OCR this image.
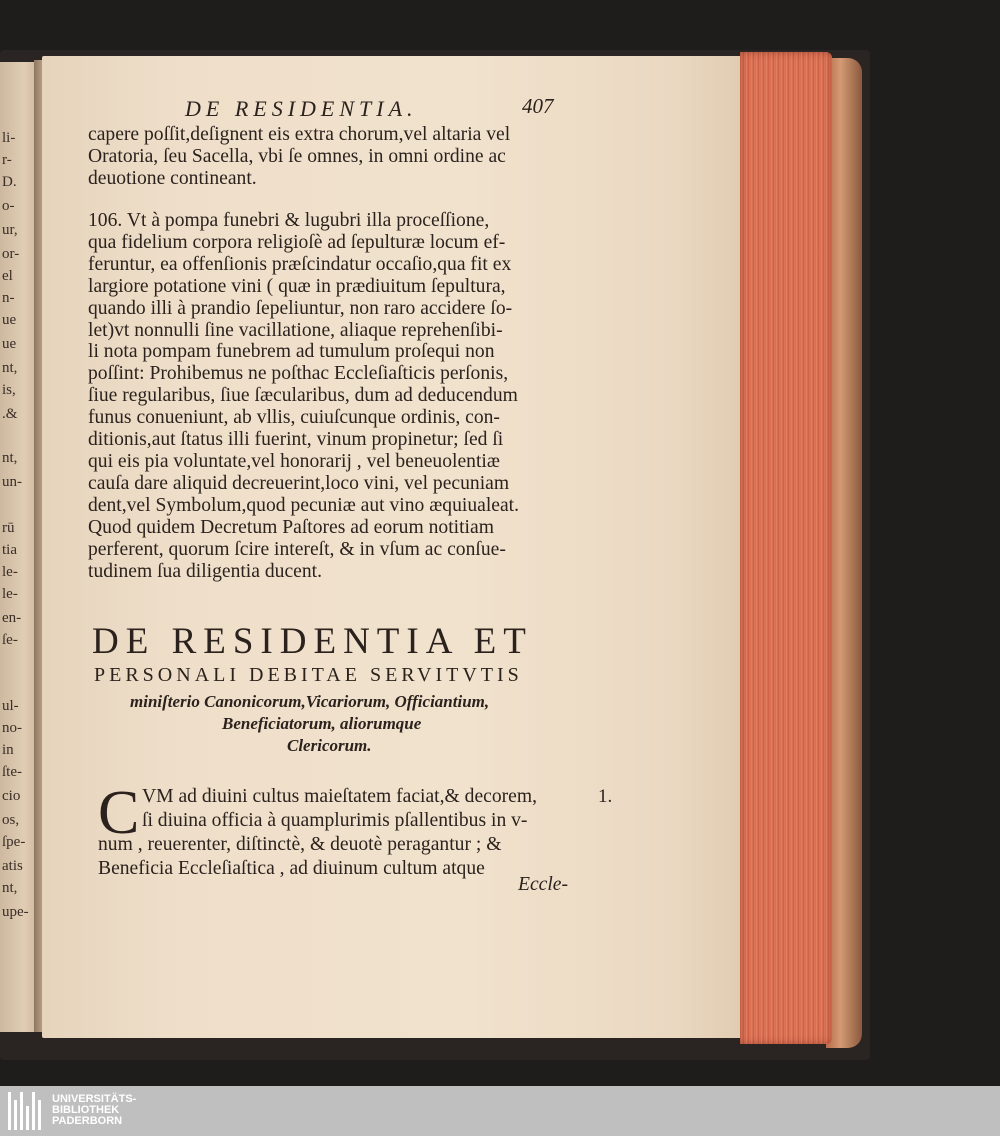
li-
r-
D.
o-
ur,
or-
el
n-
ue
ue
nt,
is,
.&
nt,
un-
rū
tia
le-
le-
en-
ſe-
ul-
no-
in
ſte-
cio
os,
ſpe-
atis
nt,
upe-
DE RESIDENTIA.	407
capere poſſit,deſignent eis extra chorum,vel altaria vel
Oratoria, ſeu Sacella, vbi ſe omnes, in omni ordine ac
deuotione contineant.
106. Vt à pompa funebri & lugubri illa proceſſione,
qua fidelium corpora religioſè ad ſepulturæ locum ef-
feruntur, ea offenſionis præſcindatur occaſio,qua fit ex
largiore potatione vini ( quæ in prædiuitum ſepultura,
quando illi à prandio ſepeliuntur, non raro accidere ſo-
let)vt nonnulli ſine vacillatione, aliaque reprehenſibi-
li nota pompam funebrem ad tumulum proſequi non
poſſint: Prohibemus ne poſthac Eccleſiaſticis perſonis,
ſiue regularibus, ſiue ſæcularibus, dum ad deducendum
funus conueniunt, ab vllis, cuiuſcunque ordinis, con-
ditionis,aut ſtatus illi fuerint, vinum propinetur; ſed ſi
qui eis pia voluntate,vel honorarij , vel beneuolentiæ
cauſa dare aliquid decreuerint,loco vini, vel pecuniam
dent,vel Symbolum,quod pecuniæ aut vino æquiualeat.
Quod quidem Decretum Paſtores ad eorum notitiam
perferent, quorum ſcire intereſt, & in vſum ac conſue-
tudinem ſua diligentia ducent.
DE RESIDENTIA ET
PERSONALI DEBITAE SERVITVTIS
miniſterio Canonicorum,Vicariorum, Officiantium,
Beneficiatorum, aliorumque
Clericorum.
C VM ad diuini cultus maieſtatem faciat,& decorem,
ſi diuina officia à quamplurimis pſallentibus in v-
num , reuerenter, diſtinctè, & deuotè peragantur ; &
Beneficia Eccleſiaſtica , ad diuinum cultum atque
1.
Eccle-
UNIVERSITÄTS-
BIBLIOTHEK
PADERBORN
